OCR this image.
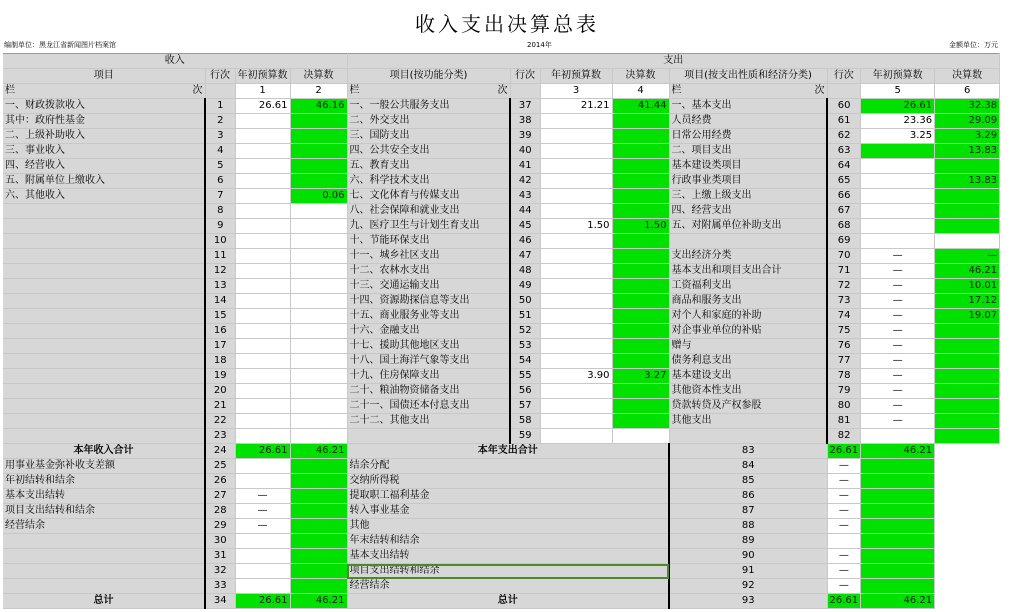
收入支出决算总表
编制单位：黑龙江省新闻图片档案馆	2014年	金额单位：万元
收入				支出							
项目	行次	年初预算数	决算数	项目(按功能分类)	行次	年初预算数	决算数	项目(按支出性质和经济分类)	行次	年初预算数	决算数
栏 次		1	2	栏 次		3	4	栏 次		5	6
一、财政拨款收入	1	26.61	46.16	一、一般公共服务支出	37	21.21	41.44	一、基本支出	60	26.61	32.38
其中：政府性基金	2			二、外交支出	38			人员经费	61	23.36	29.09
二、上级补助收入	3			三、国防支出	39			日常公用经费	62	3.25	3.29
三、事业收入	4			四、公共安全支出	40			二、项目支出	63		13.83
四、经营收入	5			五、教育支出	41			基本建设类项目	64		
五、附属单位上缴收入	6			六、科学技术支出	42			行政事业类项目	65		13.83
六、其他收入	7		0.06	七、文化体育与传媒支出	43			三、上缴上级支出	66		
	8			八、社会保障和就业支出	44			四、经营支出	67		
	9			九、医疗卫生与计划生育支出	45	1.50	1.50	五、对附属单位补助支出	68		
	10			十、节能环保支出	46				69		
	11			十一、城乡社区支出	47			支出经济分类	70	—	—
	12			十二、农林水支出	48			基本支出和项目支出合计	71	—	46.21
	13			十三、交通运输支出	49			工资福利支出	72	—	10.01
	14			十四、资源勘探信息等支出	50			商品和服务支出	73	—	17.12
	15			十五、商业服务业等支出	51			对个人和家庭的补助	74	—	19.07
	16			十六、金融支出	52			对企事业单位的补贴	75	—	
	17			十七、援助其他地区支出	53			赠与	76	—	
	18			十八、国土海洋气象等支出	54			债务利息支出	77	—	
	19			十九、住房保障支出	55	3.90	3.27	基本建设支出	78	—	
	20			二十、粮油物资储备支出	56			其他资本性支出	79	—	
	21			二十一、国债还本付息支出	57			贷款转贷及产权参股	80	—	
	22			二十二、其他支出	58			其他支出	81	—	
	23				59				82		
本年收入合计	24	26.61	46.21	本年支出合计				83	26.61	46.21	
用事业基金弥补收支差额	25			结余分配				84	—		
年初结转和结余	26			交纳所得税				85	—		
基本支出结转	27	—		提取职工福利基金				86	—		
项目支出结转和结余	28	—		转入事业基金				87	—		
经营结余	29	—		其他				88	—		
	30			年末结转和结余				89			
	31			基本支出结转				90	—		
	32			项目支出结转和结余				91	—		
	33			经营结余				92	—		
总计	34	26.61	46.21	总计				93	26.61	46.21	
